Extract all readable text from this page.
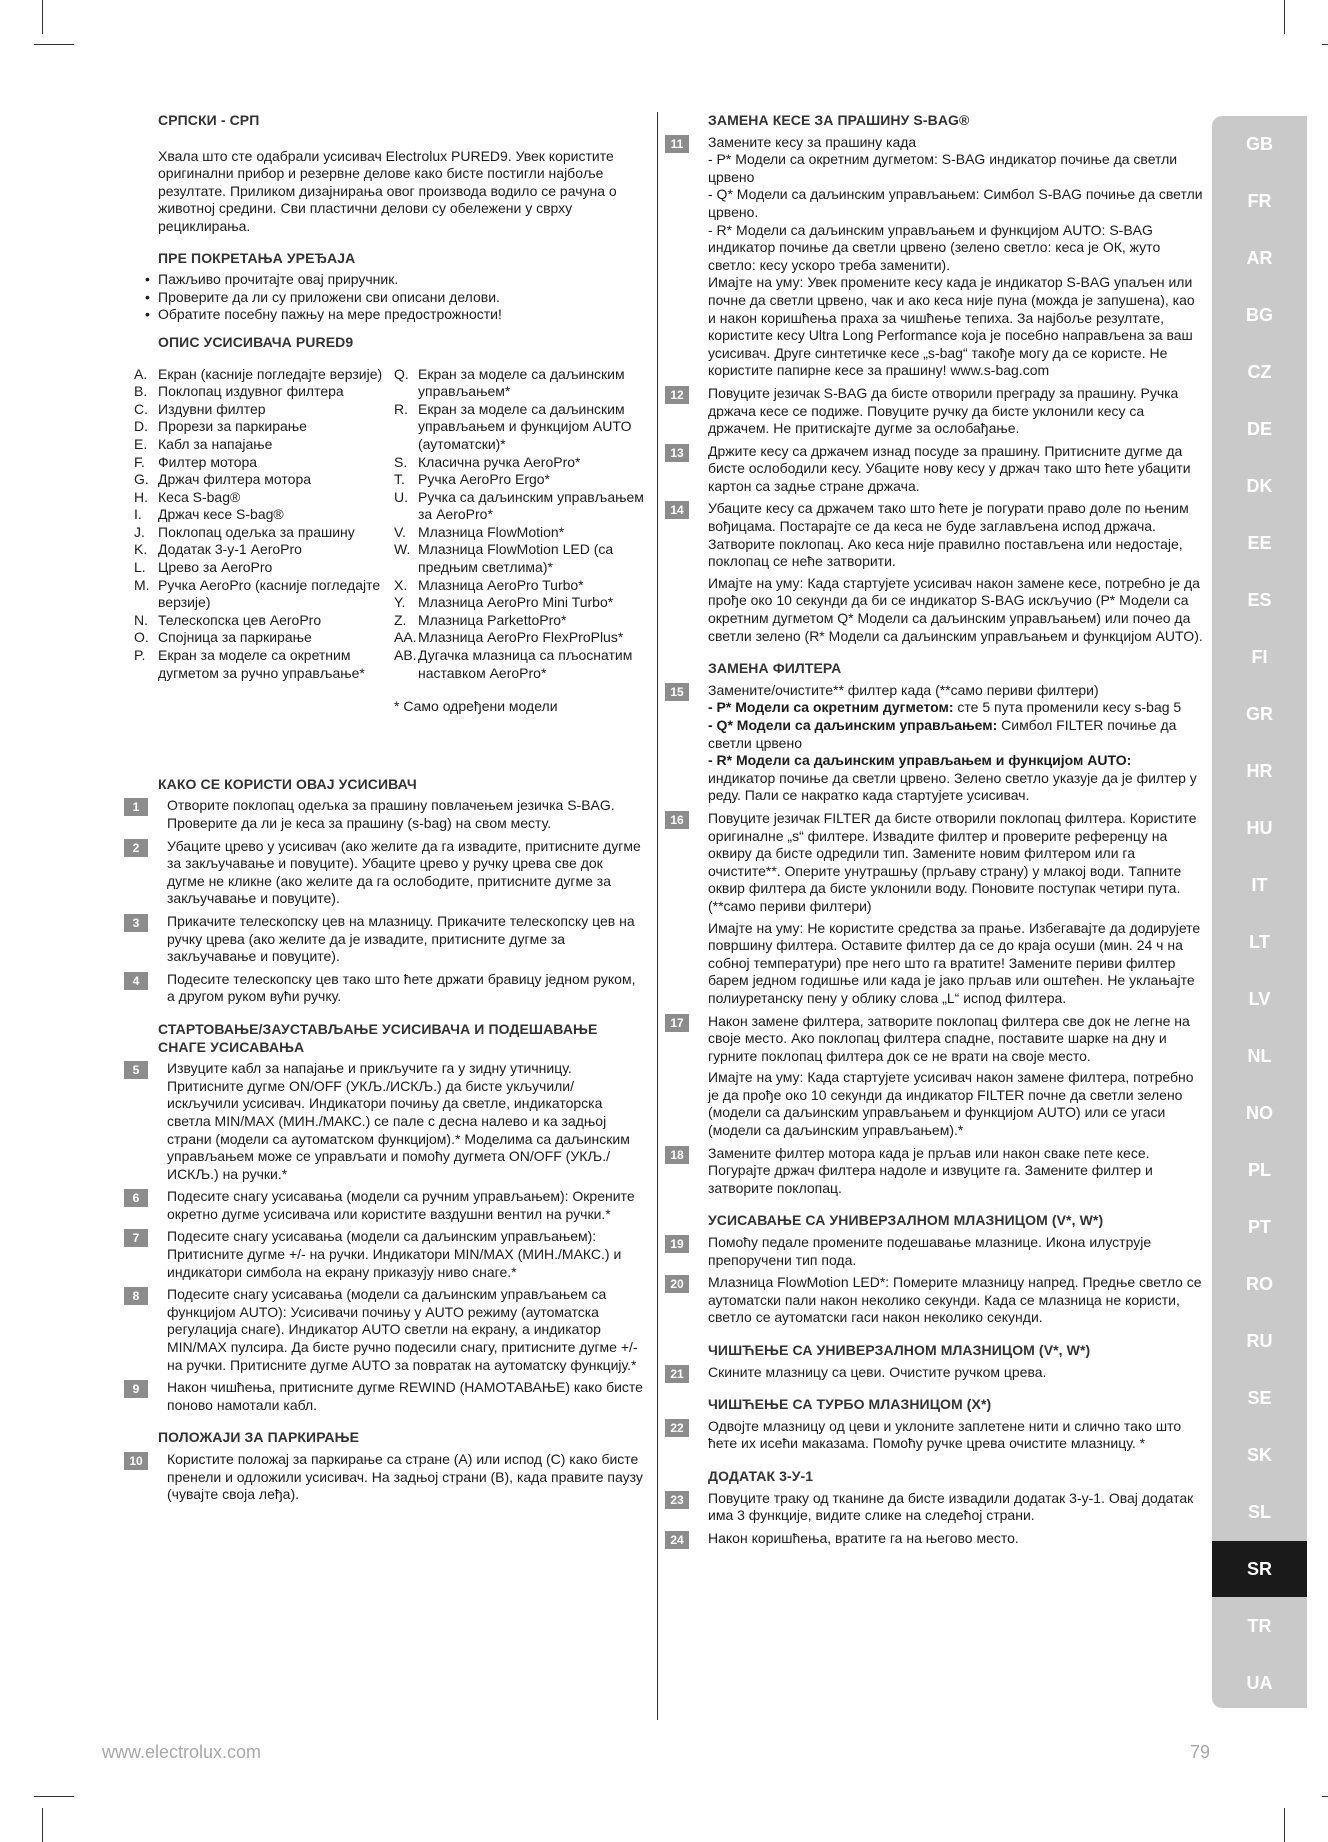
СРПСКИ - СРП
Хвала што сте одабрали усисивач Electrolux PURED9. Увек користите оригинални прибор и резервне делове како бисте постигли најбоље резултате. Приликом дизајнирања овог производа водило се рачуна о животној средини. Сви пластични делови су обележени у сврху рециклирања.
ПРЕ ПОКРЕТАЊА УРЕЂАЈА
• Пажљиво прочитајте овај приручник.
• Проверите да ли су приложени сви описани делови.
• Обратите посебну пажњу на мере предострожности!
ОПИС УСИСИВАЧА PURED9
A. Екран (касније погледајте верзије)
B. Поклопац издувног филтера
C. Издувни филтер
D. Прорези за паркирање
E. Кабл за напајање
F. Филтер мотора
G. Држач филтера мотора
H. Кеса S-bag®
I. Држач кесе S-bag®
J. Поклопац одељка за прашину
K. Додатак 3-у-1 AeroPro
L. Црево за AeroPro
M. Ручка AeroPro (касније погледајте верзије)
N. Телескопска цев AeroPro
O. Спојница за паркирање
P. Екран за моделе са окретним дугметом за ручно управљање*
Q. Екран за моделе са даљинским управљањем*
R. Екран за моделе са даљинским управљањем и функцијом AUTO (аутоматски)*
S. Класична ручка AeroPro*
T. Ручка AeroPro Ergo*
U. Ручка са даљинским управљањем за AeroPro*
V. Млазница FlowMotion*
W. Млазница FlowMotion LED (са предњим светлима)*
X. Млазница AeroPro Turbo*
Y. Млазница AeroPro Mini Turbo*
Z. Млазница ParkettoPro*
AA. Млазница AeroPro FlexProPlus*
AB. Дугачка млазница са пљоснатим наставком AeroPro*
* Само одређени модели
КАКО СЕ КОРИСТИ ОВАЈ УСИСИВАЧ
1	Отворите поклопац одељка за прашину повлачењем језичка S-BAG. Проверите да ли је кеса за прашину (s-bag) на свом месту.
2	Убаците црево у усисивач (ако желите да га извадите, притисните дугме за закључавање и повуците). Убаците црево у ручку црева све док дугме не кликне (ако желите да га ослободите, притисните дугме за закључавање и повуците).
3	Прикачите телескопску цев на млазницу. Прикачите телескопску цев на ручку црева (ако желите да је извадите, притисните дугме за закључавање и повуците).
4	Подесите телескопску цев тако што ћете држати бравицу једном руком, а другом руком вући ручку.
СТАРТОВАЊЕ/ЗАУСТАВЉАЊЕ УСИСИВАЧА И ПОДЕШАВАЊЕ СНАГЕ УСИСАВАЊА
5	Извуците кабл за напајање и прикључите га у зидну утичницу. Притисните дугме ON/OFF (УКЉ./ИСКЉ.) да бисте укључили/искључили усисивач. Индикатори почињу да светле, индикаторска светла MIN/MAX (МИН./МАКС.) се пале с десна налево и ка задњој страни (модели са аутоматском функцијом).* Моделима са даљинским управљањем може се управљати и помоћу дугмета ON/OFF (УКЉ./ИСКЉ.) на ручки.*
6	Подесите снагу усисавања (модели са ручним управљањем): Окрените окретно дугме усисивача или користите ваздушни вентил на ручки.*
7	Подесите снагу усисавања (модели са даљинским управљањем): Притисните дугме +/- на ручки. Индикатори MIN/MAX (МИН./МАКС.) и индикатори симбола на екрану приказују ниво снаге.*
8	Подесите снагу усисавања (модели са даљинским управљањем са функцијом AUTO): Усисивачи почињу у AUTO режиму (аутоматска регулација снаге). Индикатор AUTO светли на екрану, а индикатор MIN/MAX пулсира. Да бисте ручно подесили снагу, притисните дугме +/- на ручки. Притисните дугме AUTO за повратак на аутоматску функцију.*
9	Након чишћења, притисните дугме REWIND (НАМОТАВАЊЕ) како бисте поново намотали кабл.
ПОЛОЖАЈИ ЗА ПАРКИРАЊЕ
10	Користите положај за паркирање са стране (A) или испод (C) како бисте пренели и одложили усисивач. На задњој страни (B), када правите паузу (чувајте своја леђа).
ЗАМЕНА КЕСЕ ЗА ПРАШИНУ S-BAG®
11	Замените кесу за прашину када
- P* Модели са окретним дугметом: S-BAG индикатор почиње да светли црвено
- Q* Модели са даљинским управљањем: Симбол S-BAG почиње да светли црвено.
- R* Модели са даљинским управљањем и функцијом AUTO: S-BAG индикатор почиње да светли црвено (зелено светло: кеса је ОК, жуто светло: кесу ускоро треба заменити).
Имајте на уму: Увек промените кесу када је индикатор S-BAG упаљен или почне да светли црвено, чак и ако кеса није пуна (можда је запушена), као и након коришћења праха за чишћење тепиха. За најбоље резултате, користите кесу Ultra Long Performance која је посебно направљена за ваш усисивач. Друге синтетичке кесе „s-bag“ такође могу да се користе. Не користите папирне кесе за прашину! www.s-bag.com
12	Повуците језичак S-BAG да бисте отворили преграду за прашину. Ручка држача кесе се подиже. Повуците ручку да бисте уклонили кесу са држачем. Не притискајте дугме за ослобађање.
13	Држите кесу са држачем изнад посуде за прашину. Притисните дугме да бисте ослободили кесу. Убаците нову кесу у држач тако што ћете убацити картон са задње стране држача.
14	Убаците кесу са држачем тако што ћете је погурати право доле по њеним вођицама. Постарајте се да кеса не буде заглављена испод држача. Затворите поклопац. Ако кеса није правилно постављена или недостаје, поклопац се неће затворити.
Имајте на уму: Када стартујете усисивач након замене кесе, потребно је да прође око 10 секунди да би се индикатор S-BAG искључио (P* Модели са окретним дугметом Q* Модели са даљинским управљањем) или почео да светли зелено (R* Модели са даљинским управљањем и функцијом AUTO).
ЗАМЕНА ФИЛТЕРА
15	Замените/очистите** филтер када (**само периви филтери)
- P* Модели са окретним дугметом: сте 5 пута променили кесу s-bag 5
- Q* Модели са даљинским управљањем: Симбол FILTER почиње да светли црвено
- R* Модели са даљинским управљањем и функцијом AUTO:
индикатор почиње да светли црвено. Зелено светло указује да је филтер у реду. Пали се накратко када стартујете усисивач.
16	Повуците језичак FILTER да бисте отворили поклопац филтера. Користите оригиналне „s“ филтере. Извадите филтер и проверите референцу на оквиру да бисте одредили тип. Замените новим филтером или га очистите**. Оперите унутрашњу (прљаву страну) у млакој води. Тапните оквир филтера да бисте уклонили воду. Поновите поступак четири пута. (**само периви филтери)
Имајте на уму: Не користите средства за прање. Избегавајте да додирујете површину филтера. Оставите филтер да се до краја осуши (мин. 24 ч на собној температури) пре него што га вратите! Замените периви филтер барем једном годишње или када је јако прљав или оштећен. Не уклањајте полиуретанску пену у облику слова „L“ испод филтера.
17	Након замене филтера, затворите поклопац филтера све док не легне на своје место. Ако поклопац филтера спадне, поставите шарке на дну и гурните поклопац филтера док се не врати на своје место.
Имајте на уму: Када стартујете усисивач након замене филтера, потребно је да прође око 10 секунди да индикатор FILTER почне да светли зелено (модели са даљинским управљањем и функцијом AUTO) или се угаси (модели са даљинским управљањем).*
18	Замените филтер мотора када је прљав или након сваке пете кесе. Погурајте држач филтера надоле и извуците га. Замените филтер и затворите поклопац.
УСИСАВАЊЕ СА УНИВЕРЗАЛНОМ МЛАЗНИЦОМ (V*, W*)
19	Помоћу педале промените подешавање млазнице. Икона илуструје препоручени тип пода.
20	Млазница FlowMotion LED*: Померите млазницу напред. Предње светло се аутоматски пали након неколико секунди. Када се млазница не користи, светло се аутоматски гаси након неколико секунди.
ЧИШЋЕЊЕ СА УНИВЕРЗАЛНОМ МЛАЗНИЦОМ (V*, W*)
21	Скините млазницу са цеви. Очистите ручком црева.
ЧИШЋЕЊЕ СА ТУРБО МЛАЗНИЦОМ (X*)
22	Одвојте млазницу од цеви и уклоните заплетене нити и слично тако што ћете их исећи маказама. Помоћу ручке црева очистите млазницу. *
ДОДАТАК 3-У-1
23	Повуците траку од тканине да бисте извадили додатак 3-у-1. Овај додатак има 3 функције, видите слике на следећој страни.
24	Након коришћења, вратите га на његово место.
GB
FR
AR
BG
CZ
DE
DK
EE
ES
FI
GR
HR
HU
IT
LT
LV
NL
NO
PL
PT
RO
RU
SE
SK
SL
SR
TR
UA
www.electrolux.com	79
